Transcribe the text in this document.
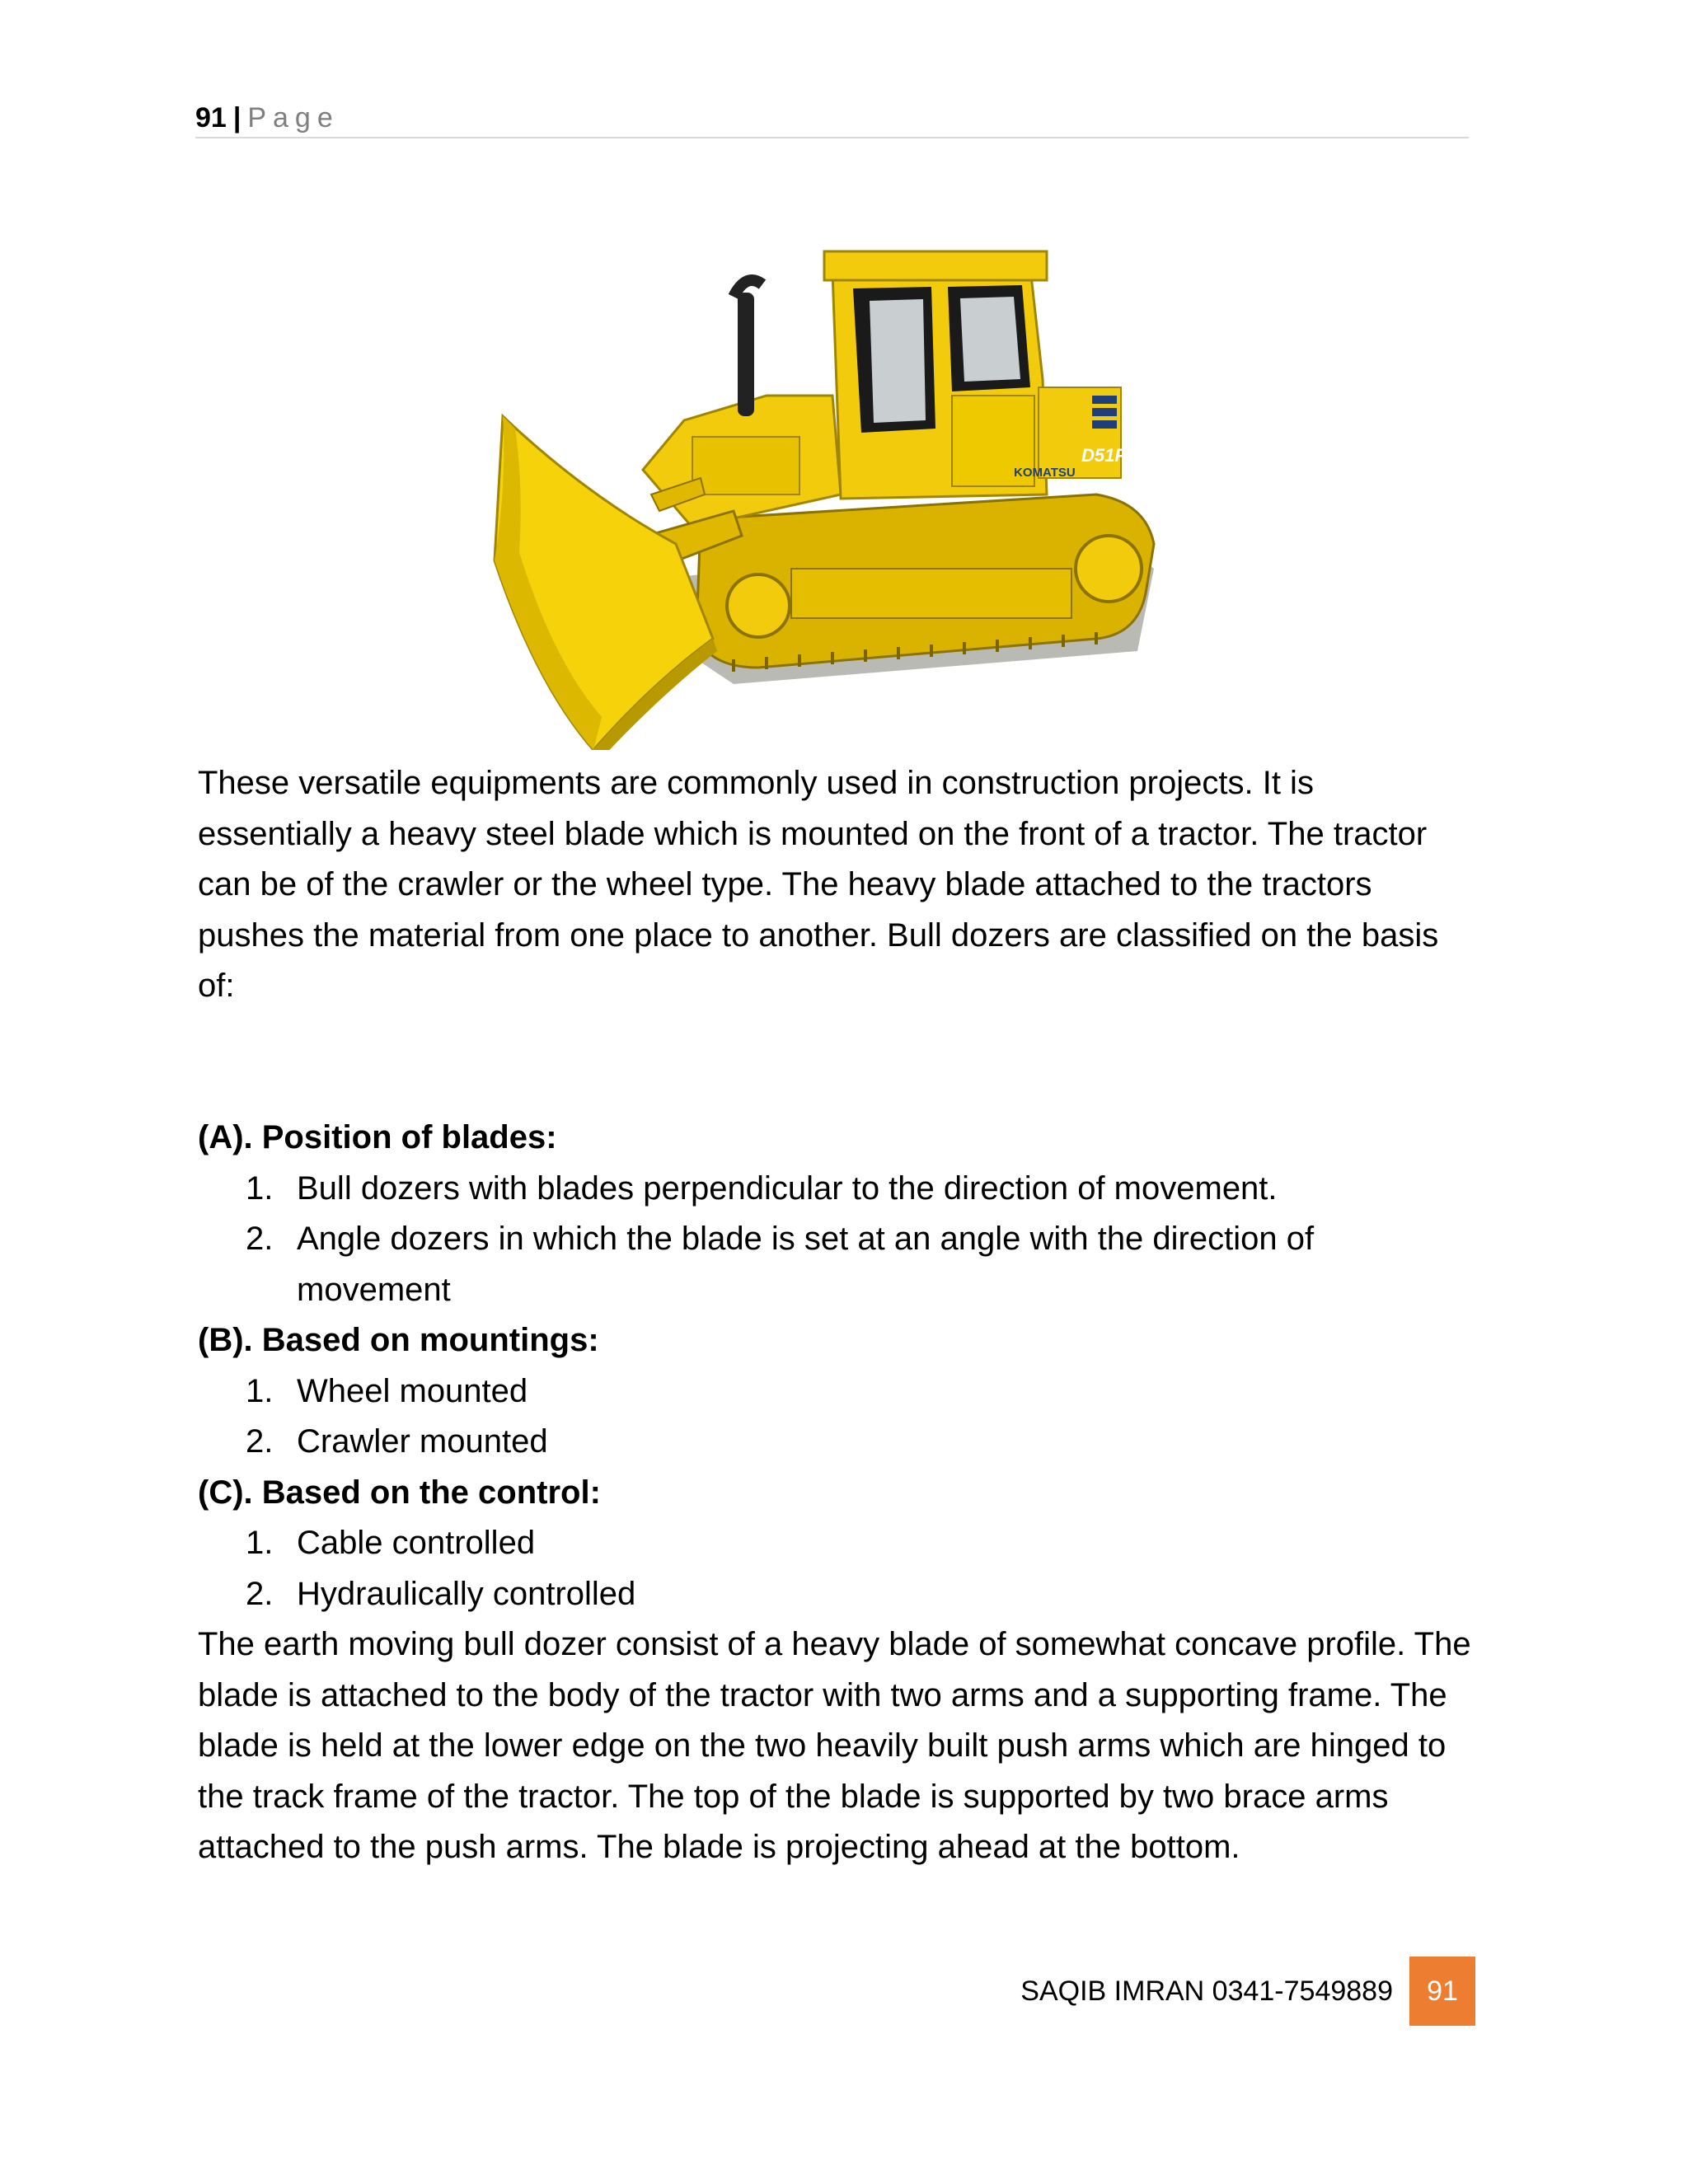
91 | Page
D51PXi
KOMATSU

These versatile equipments are commonly used in construction projects. It is essentially a heavy steel blade which is mounted on the front of a tractor. The tractor can be of the crawler or the wheel type. The heavy blade attached to the tractors pushes the material from one place to another. Bull dozers are classified on the basis of:

(A). Position of blades:

1. Bull dozers with blades perpendicular to the direction of movement.
2. Angle dozers in which the blade is set at an angle with the direction of movement

(B). Based on mountings:

1. Wheel mounted
2. Crawler mounted

(C). Based on the control:

1. Cable controlled
2. Hydraulically controlled

The earth moving bull dozer consist of a heavy blade of somewhat concave profile. The blade is attached to the body of the tractor with two arms and a supporting frame. The blade is held at the lower edge on the two heavily built push arms which are hinged to the track frame of the tractor. The top of the blade is supported by two brace arms attached to the push arms. The blade is projecting ahead at the bottom.

SAQIB IMRAN 0341-7549889	91
